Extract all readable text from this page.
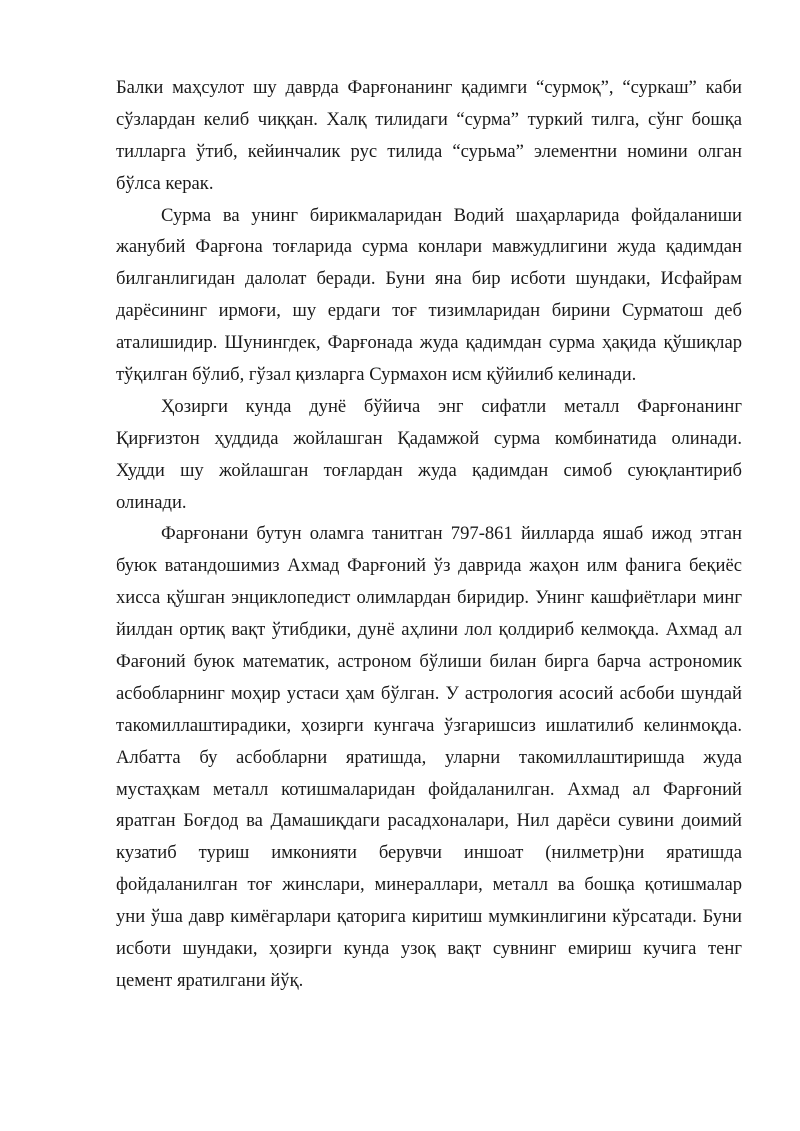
Балки маҳсулот шу даврда Фарғонанинг қадимги “сурмоқ”, “суркаш” каби
сўзлардан келиб чиққан. Халқ тилидаги “сурма” туркий тилга, сўнг бошқа
тилларга ўтиб, кейинчалик рус тилида “сурьма” элементни номини олган
бўлса керак.
Сурма ва унинг бирикмаларидан Водий шаҳарларида фойдаланиши
жанубий Фарғона тоғларида сурма конлари мавжудлигини жуда қадимдан
билганлигидан далолат беради. Буни яна бир исботи шундаки, Исфайрам
дарёсининг ирмоғи, шу ердаги тоғ тизимларидан бирини Сурматош деб
аталишидир. Шунингдек, Фарғонада жуда қадимдан сурма ҳақида қўшиқлар
тўқилган бўлиб, гўзал қизларга Сурмахон исм қўйилиб келинади.
Ҳозирги кунда дунё бўйича энг сифатли металл Фарғонанинг
Қирғизтон ҳуддида жойлашган Қадамжой сурма комбинатида олинади.
Худди шу жойлашган тоғлардан жуда қадимдан симоб суюқлантириб
олинади.
Фарғонани бутун оламга танитган 797-861 йилларда яшаб ижод этган
буюк ватандошимиз Ахмад Фарғоний ўз даврида жаҳон илм фанига беқиёс
хисса қўшган энциклопедист олимлардан биридир. Унинг кашфиётлари минг
йилдан ортиқ вақт ўтибдики, дунё аҳлини лол қолдириб келмоқда. Ахмад ал
Фағоний буюк математик, астроном бўлиши билан бирга барча астрономик
асбобларнинг моҳир устаси ҳам бўлган. У астрология асосий асбоби шундай
такомиллаштирадики, ҳозирги кунгача ўзгаришсиз ишлатилиб келинмоқда.
Албатта бу асбобларни яратишда, уларни такомиллаштиришда жуда
мустаҳкам металл котишмаларидан фойдаланилган. Ахмад ал Фарғоний
яратган Боғдод ва Дамашиқдаги расадхоналари, Нил дарёси сувини доимий
кузатиб туриш имконияти берувчи иншоат (нилметр)ни яратишда
фойдаланилган тоғ жинслари, минераллари, металл ва бошқа қотишмалар
уни ўша давр кимёгарлари қаторига киритиш мумкинлигини кўрсатади. Буни
исботи шундаки, ҳозирги кунда узоқ вақт сувнинг емириш кучига тенг
цемент яратилгани йўқ.
